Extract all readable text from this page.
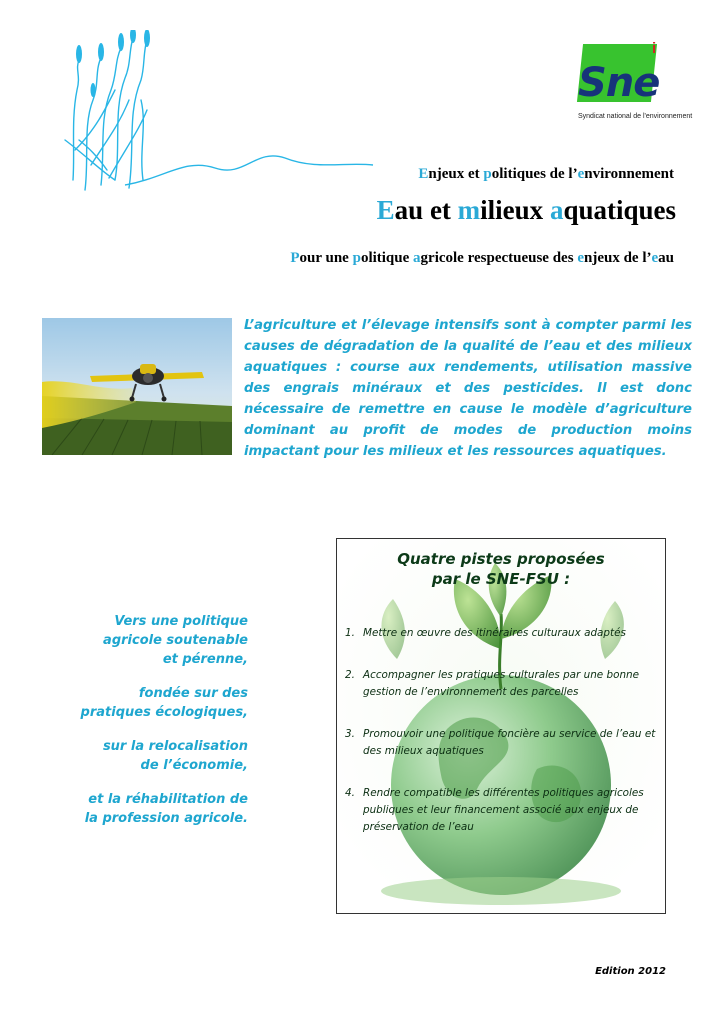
Sne
i
Syndicat national de l'environnement
Enjeux et politiques de l’environnement
Eau et milieux aquatiques
Pour une politique agricole respectueuse des enjeux de l’eau
L’agriculture et l’élevage intensifs sont à compter parmi les causes de dégradation de la qualité de l’eau et des milieux aquatiques : course aux rendements, utilisation massive des engrais minéraux et des pesticides. Il est donc nécessaire de remettre en cause le modèle d’agriculture dominant au profit de modes de production moins impactant pour les milieux et les ressources aquatiques.

Vers une politique
agricole soutenable
et pérenne,

fondée sur des
pratiques écologiques,

sur la relocalisation
de l’économie,

et la réhabilitation de
la profession agricole.

Quatre pistes proposées
par le SNE-FSU :
1. Mettre en œuvre des itinéraires culturaux adaptés
2. Accompagner les pratiques culturales par une bonne gestion de l’environnement des parcelles
3. Promouvoir une politique foncière au service de l’eau et des milieux aquatiques
4. Rendre compatible les différentes politiques agricoles publiques et leur financement associé aux enjeux de préservation de l’eau
Edition 2012
